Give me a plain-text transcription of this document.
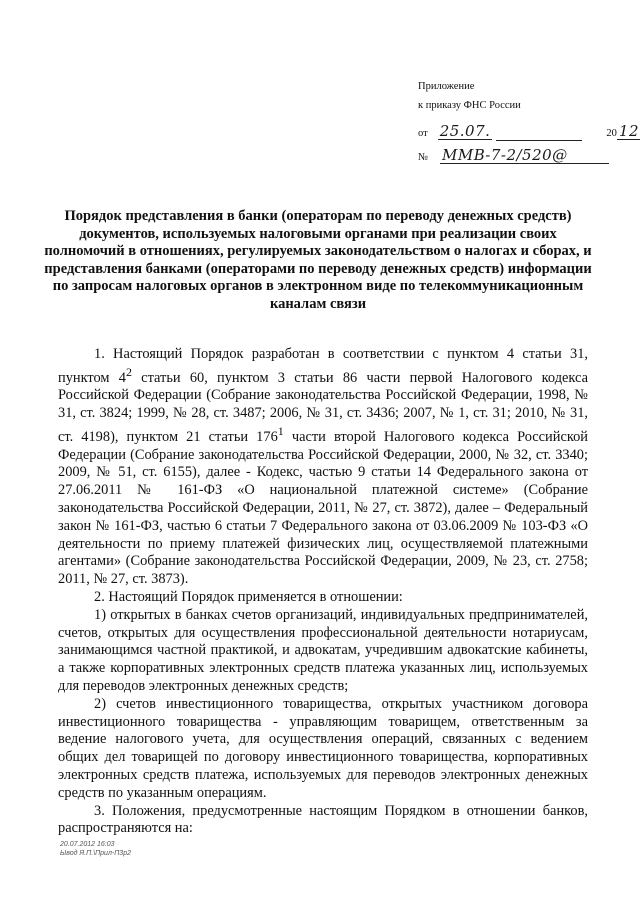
Приложение
к приказу ФНС России
от 25.07.	20 12
№ ММВ-7-2/520@
Порядок представления в банки (операторам по переводу денежных средств) документов, используемых налоговыми органами при реализации своих полномочий в отношениях, регулируемых законодательством о налогах и сборах, и представления банками (операторами по переводу денежных средств) информации по запросам налоговых органов в электронном виде по телекоммуникационным каналам связи

1. Настоящий Порядок разработан в соответствии с пунктом 4 статьи 31, пунктом $4^2$ статьи 60, пунктом 3 статьи 86 части первой Налогового кодекса Российской Федерации (Собрание законодательства Российской Федерации, 1998, № 31, ст. 3824; 1999, № 28, ст. 3487; 2006, № 31, ст. 3436; 2007, № 1, ст. 31; 2010, № 31, ст. 4198), пунктом 21 статьи $176^1$ части второй Налогового кодекса Российской Федерации (Собрание законодательства Российской Федерации, 2000, № 32, ст. 3340; 2009, № 51, ст. 6155), далее - Кодекс, частью 9 статьи 14 Федерального закона от 27.06.2011 № 161-ФЗ «О национальной платежной системе» (Собрание законодательства Российской Федерации, 2011, № 27, ст. 3872), далее – Федеральный закон № 161-ФЗ, частью 6 статьи 7 Федерального закона от 03.06.2009 № 103-ФЗ «О деятельности по приему платежей физических лиц, осуществляемой платежными агентами» (Собрание законодательства Российской Федерации, 2009, № 23, ст. 2758; 2011, № 27, ст. 3873).

2. Настоящий Порядок применяется в отношении:

1) открытых в банках счетов организаций, индивидуальных предпринимателей, счетов, открытых для осуществления профессиональной деятельности нотариусам, занимающимся частной практикой, и адвокатам, учредившим адвокатские кабинеты, а также корпоративных электронных средств платежа указанных лиц, используемых для переводов электронных денежных средств;

2) счетов инвестиционного товарищества, открытых участником договора инвестиционного товарищества - управляющим товарищем, ответственным за ведение налогового учета, для осуществления операций, связанных с ведением общих дел товарищей по договору инвестиционного товарищества, корпоративных электронных средств платежа, используемых для переводов электронных денежных средств по указанным операциям.

3. Положения, предусмотренные настоящим Порядком в отношении банков, распространяются на:

20.07.2012 16:03
Ывод Я.П.\Прил-П3р2
